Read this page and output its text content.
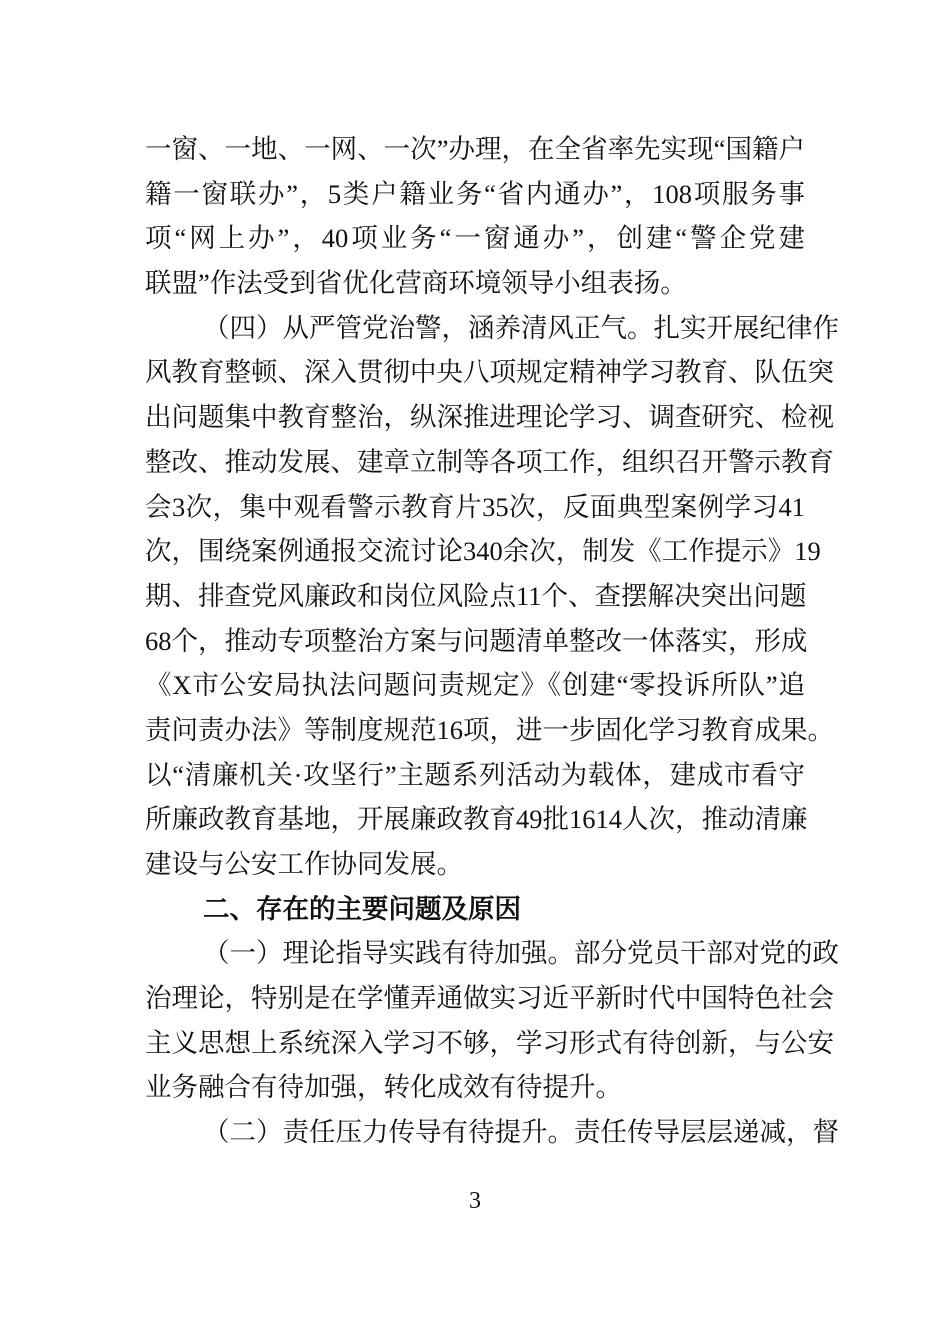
一窗、一地、一网、一次”办理，在全省率先实现“国籍户
籍一窗联办”，5类户籍业务“省内通办”，108项服务事
项“网上办”，40项业务“一窗通办”，创建“警企党建
联盟”作法受到省优化营商环境领导小组表扬。
（四）从严管党治警，涵养清风正气。扎实开展纪律作
风教育整顿、深入贯彻中央八项规定精神学习教育、队伍突
出问题集中教育整治，纵深推进理论学习、调查研究、检视
整改、推动发展、建章立制等各项工作，组织召开警示教育
会3次，集中观看警示教育片35次，反面典型案例学习41
次，围绕案例通报交流讨论340余次，制发《工作提示》19
期、排查党风廉政和岗位风险点11个、查摆解决突出问题
68个，推动专项整治方案与问题清单整改一体落实，形成
《X市公安局执法问题问责规定》《创建“零投诉所队”追
责问责办法》等制度规范16项，进一步固化学习教育成果。
以“清廉机关·攻坚行”主题系列活动为载体，建成市看守
所廉政教育基地，开展廉政教育49批1614人次，推动清廉
建设与公安工作协同发展。
二、存在的主要问题及原因
（一）理论指导实践有待加强。部分党员干部对党的政
治理论，特别是在学懂弄通做实习近平新时代中国特色社会
主义思想上系统深入学习不够，学习形式有待创新，与公安
业务融合有待加强，转化成效有待提升。
（二）责任压力传导有待提升。责任传导层层递减，督
3
